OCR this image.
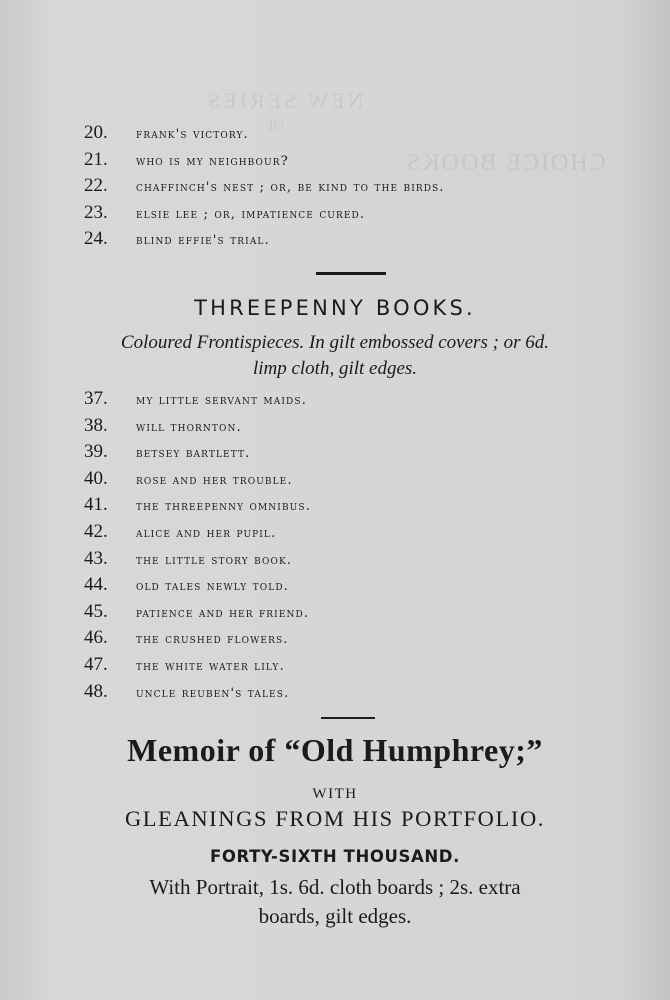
NEW SERIES
OF
CHOICE BOOKS
20.	frank's victory.
21.	who is my neighbour?
22.	chaffinch's nest ; or, be kind to the birds.
23.	elsie lee ; or, impatience cured.
24.	blind effie's trial.
THREEPENNY BOOKS.
Coloured Frontispieces. In gilt embossed covers ; or 6d.
limp cloth, gilt edges.
37.	my little servant maids.
38.	will thornton.
39.	betsey bartlett.
40.	rose and her trouble.
41.	the threepenny omnibus.
42.	alice and her pupil.
43.	the little story book.
44.	old tales newly told.
45.	patience and her friend.
46.	the crushed flowers.
47.	the white water lily.
48.	uncle reuben's tales.
Memoir of “Old Humphrey;”
WITH
GLEANINGS FROM HIS PORTFOLIO.
FORTY-SIXTH THOUSAND.
With Portrait, 1s. 6d. cloth boards ; 2s. extra
boards, gilt edges.
